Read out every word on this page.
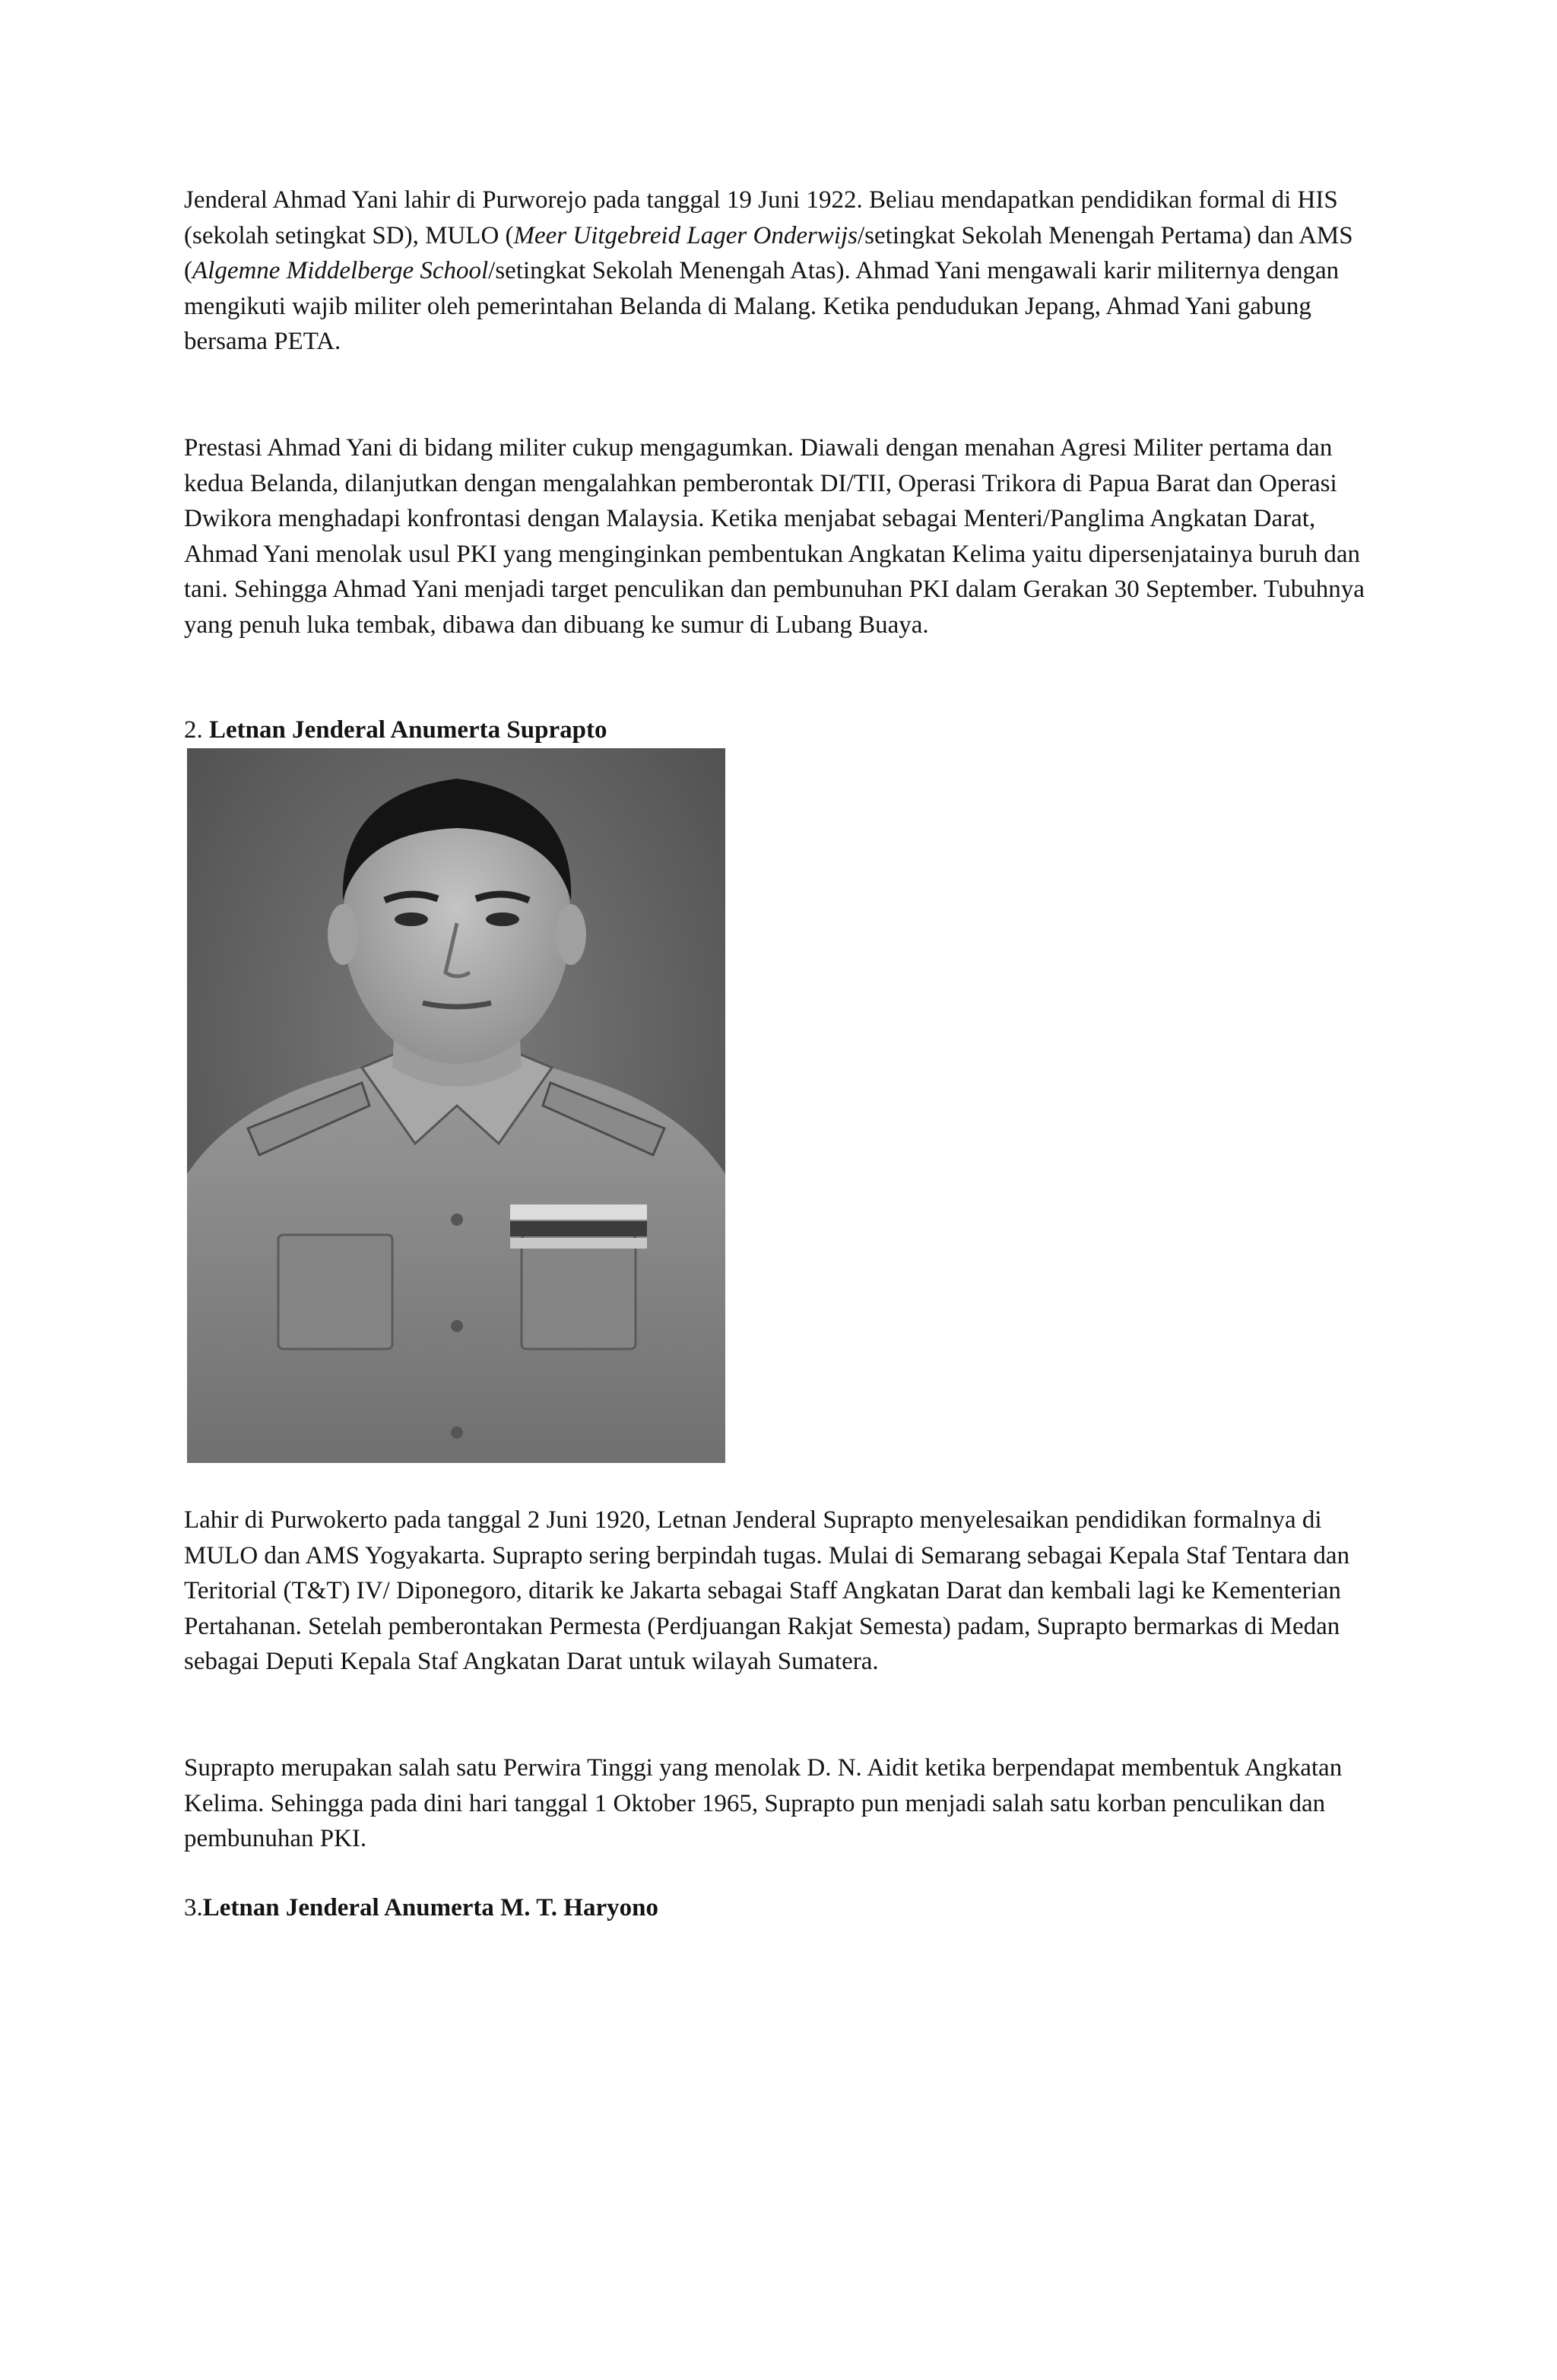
Jenderal Ahmad Yani lahir di Purworejo pada tanggal 19 Juni 1922. Beliau mendapatkan pendidikan formal di HIS (sekolah setingkat SD), MULO (Meer Uitgebreid Lager Onderwijs/setingkat Sekolah Menengah Pertama) dan AMS (Algemne Middelberge School/setingkat Sekolah Menengah Atas). Ahmad Yani mengawali karir militernya dengan mengikuti wajib militer oleh pemerintahan Belanda di Malang. Ketika pendudukan Jepang, Ahmad Yani gabung bersama PETA.

Prestasi Ahmad Yani di bidang militer cukup mengagumkan. Diawali dengan menahan Agresi Militer pertama dan kedua Belanda, dilanjutkan dengan mengalahkan pemberontak DI/TII, Operasi Trikora di Papua Barat dan Operasi Dwikora menghadapi konfrontasi dengan Malaysia. Ketika menjabat sebagai Menteri/Panglima Angkatan Darat, Ahmad Yani menolak usul PKI yang menginginkan pembentukan Angkatan Kelima yaitu dipersenjatainya buruh dan tani. Sehingga Ahmad Yani menjadi target penculikan dan pembunuhan PKI dalam Gerakan 30 September. Tubuhnya yang penuh luka tembak, dibawa dan dibuang ke sumur di Lubang Buaya.

2. Letnan Jenderal Anumerta Suprapto

Lahir di Purwokerto pada tanggal 2 Juni 1920, Letnan Jenderal Suprapto menyelesaikan pendidikan formalnya di MULO dan AMS Yogyakarta. Suprapto sering berpindah tugas. Mulai di Semarang sebagai Kepala Staf Tentara dan Teritorial (T&T) IV/ Diponegoro, ditarik ke Jakarta sebagai Staff Angkatan Darat dan kembali lagi ke Kementerian Pertahanan. Setelah pemberontakan Permesta (Perdjuangan Rakjat Semesta) padam, Suprapto bermarkas di Medan sebagai Deputi Kepala Staf Angkatan Darat untuk wilayah Sumatera.

Suprapto merupakan salah satu Perwira Tinggi yang menolak D. N. Aidit ketika berpendapat membentuk Angkatan Kelima. Sehingga pada dini hari tanggal 1 Oktober 1965, Suprapto pun menjadi salah satu korban penculikan dan pembunuhan PKI.

3.Letnan Jenderal Anumerta M. T. Haryono
